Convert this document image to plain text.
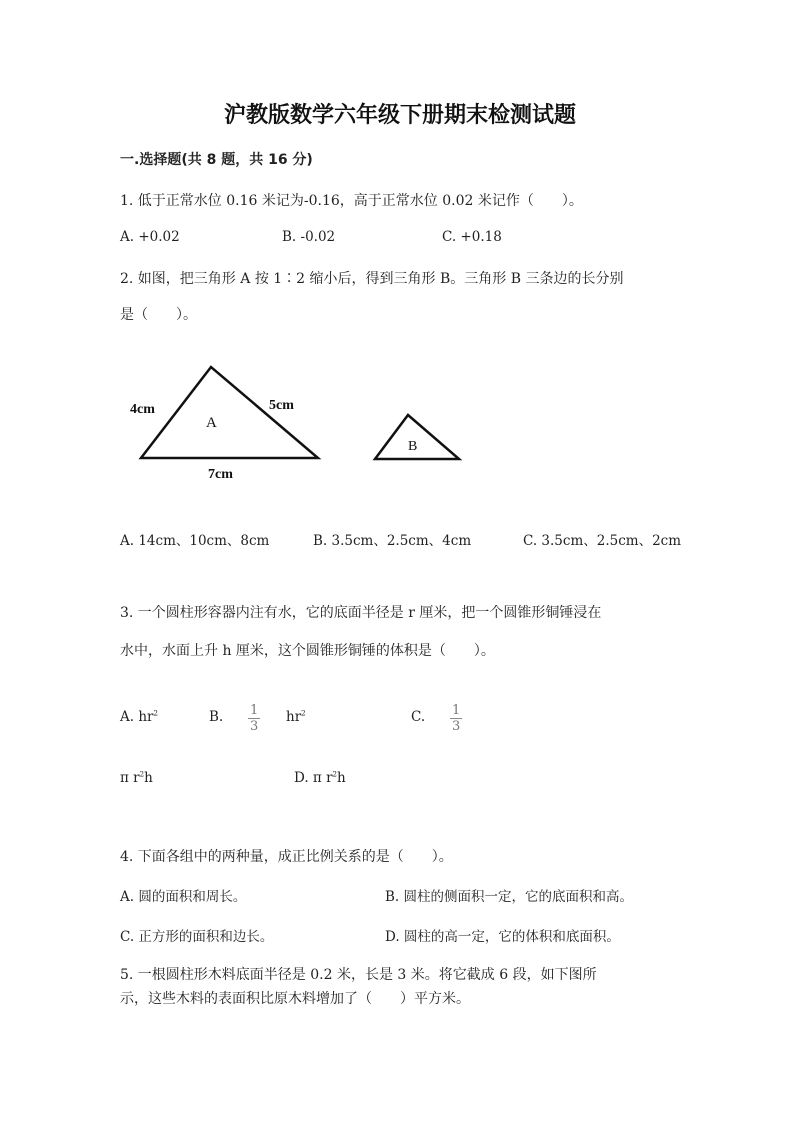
沪教版数学六年级下册期末检测试题
一.选择题(共 8 题，共 16 分)
1. 低于正常水位 0.16 米记为-0.16，高于正常水位 0.02 米记作（　　）。
A. +0.02	B. -0.02	C. +0.18
2. 如图，把三角形 A 按 1∶2 缩小后，得到三角形 B。三角形 B 三条边的长分别
是（　　）。
4cm	5cm
7cm
A
B
A. 14cm、10cm、8cm	B. 3.5cm、2.5cm、4cm	C. 3.5cm、2.5cm、2cm
3. 一个圆柱形容器内注有水，它的底面半径是 r 厘米，把一个圆锥形铜锤浸在
水中，水面上升 h 厘米，这个圆锥形铜锤的体积是（　　）。
A. $hr^2$	B. $\frac{1}{3} hr^2$	C. $\frac{1}{3}$
π $r^2h$	D. π $r^2h$
4. 下面各组中的两种量，成正比例关系的是（　　）。
A. 圆的面积和周长。	B. 圆柱的侧面积一定，它的底面积和高。
C. 正方形的面积和边长。	D. 圆柱的高一定，它的体积和底面积。
5. 一根圆柱形木料底面半径是 0.2 米，长是 3 米。将它截成 6 段，如下图所
示，这些木料的表面积比原木料增加了（　　）平方米。
